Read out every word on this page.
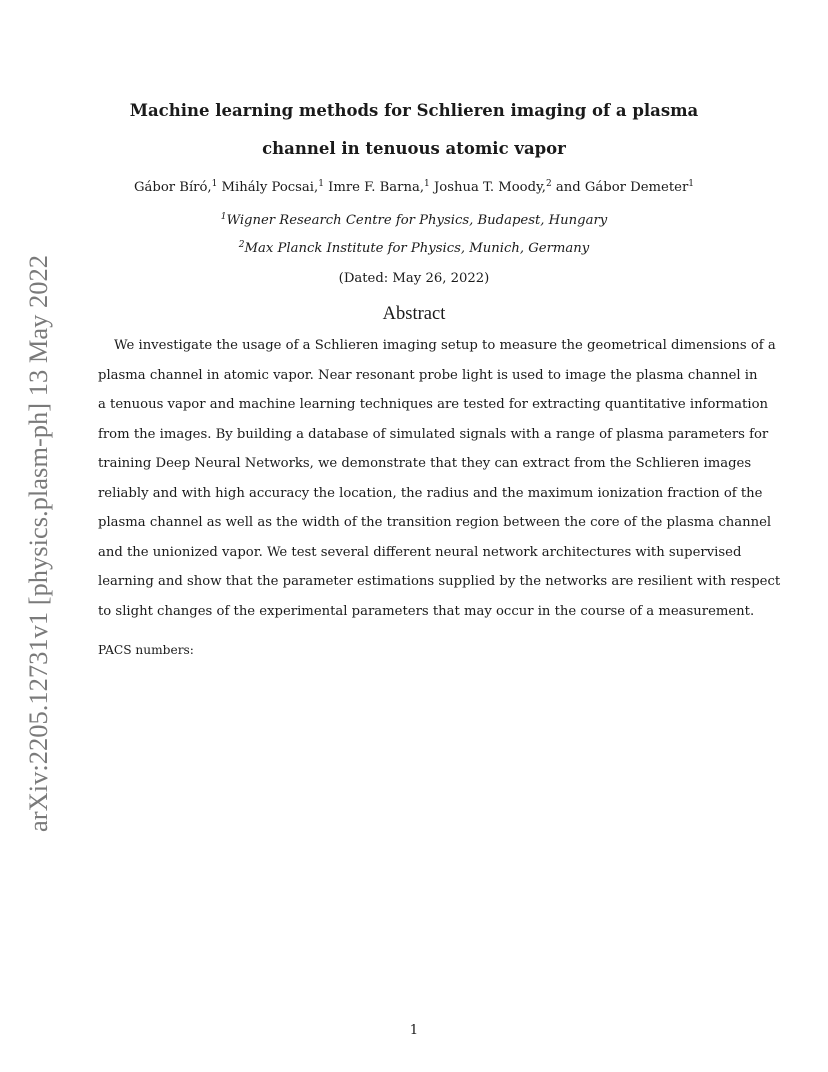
arXiv:2205.12731v1 [physics.plasm-ph] 13 May 2022
Machine learning methods for Schlieren imaging of a plasma
channel in tenuous atomic vapor
Gábor Bíró,$^1$ Mihály Pocsai,$^1$ Imre F. Barna,$^1$ Joshua T. Moody,$^2$ and Gábor Demeter$^1$
$^1$Wigner Research Centre for Physics, Budapest, Hungary
$^2$Max Planck Institute for Physics, Munich, Germany
(Dated: May 26, 2022)
Abstract
We investigate the usage of a Schlieren imaging setup to measure the geometrical dimensions of a
plasma channel in atomic vapor. Near resonant probe light is used to image the plasma channel in
a tenuous vapor and machine learning techniques are tested for extracting quantitative information
from the images. By building a database of simulated signals with a range of plasma parameters for
training Deep Neural Networks, we demonstrate that they can extract from the Schlieren images
reliably and with high accuracy the location, the radius and the maximum ionization fraction of the
plasma channel as well as the width of the transition region between the core of the plasma channel
and the unionized vapor. We test several different neural network architectures with supervised
learning and show that the parameter estimations supplied by the networks are resilient with respect
to slight changes of the experimental parameters that may occur in the course of a measurement.
PACS numbers:
1
